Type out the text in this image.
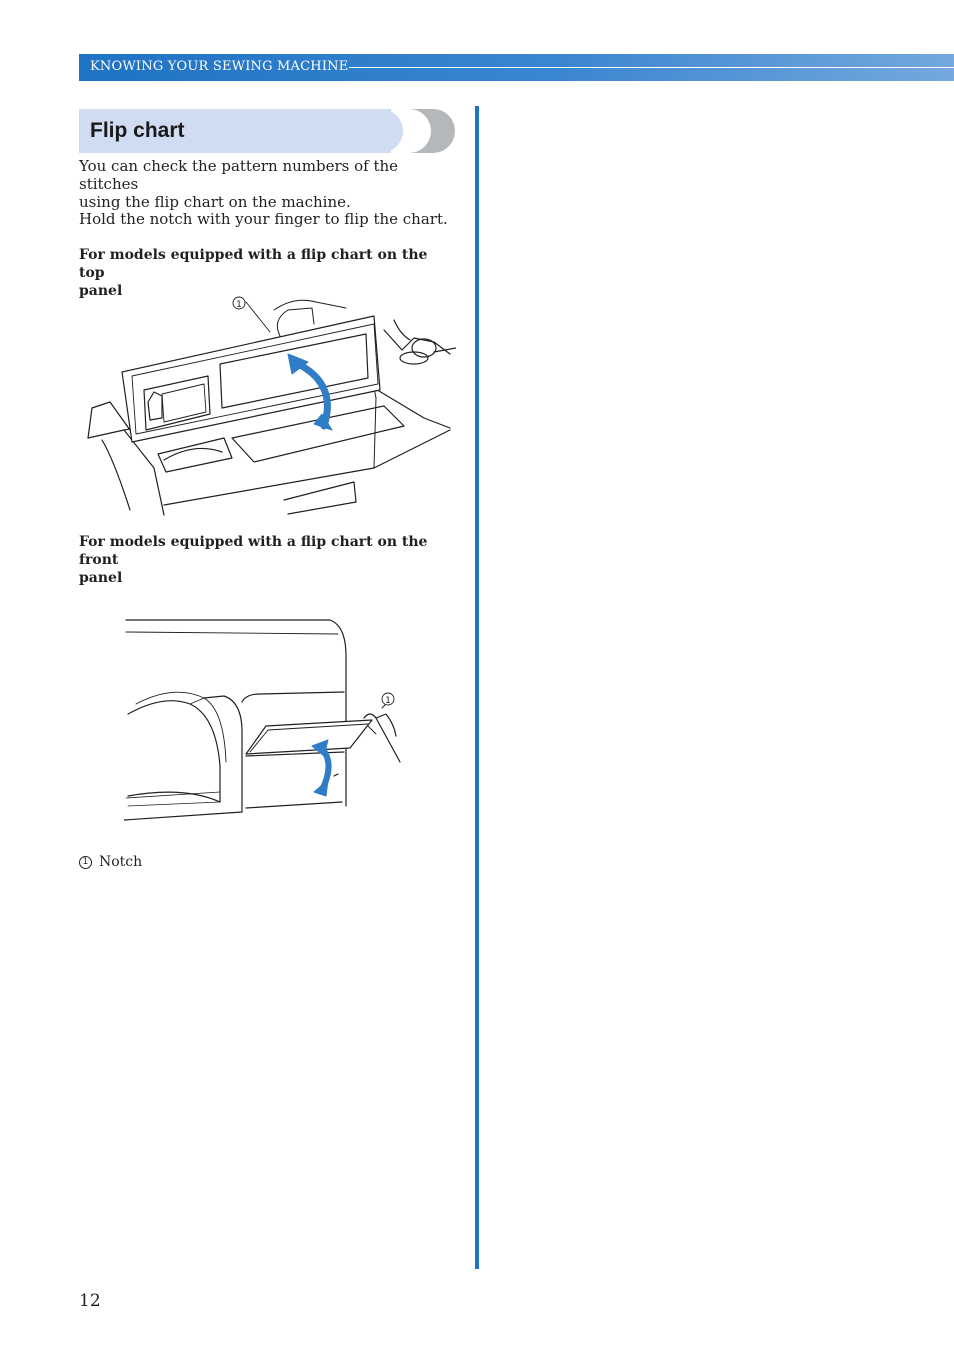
KNOWING YOUR SEWING MACHINE
Flip chart
You can check the pattern numbers of the stitches
using the flip chart on the machine.
Hold the notch with your finger to flip the chart.
For models equipped with a flip chart on the top
panel
1
For models equipped with a flip chart on the front
panel
1
1 Notch
12
